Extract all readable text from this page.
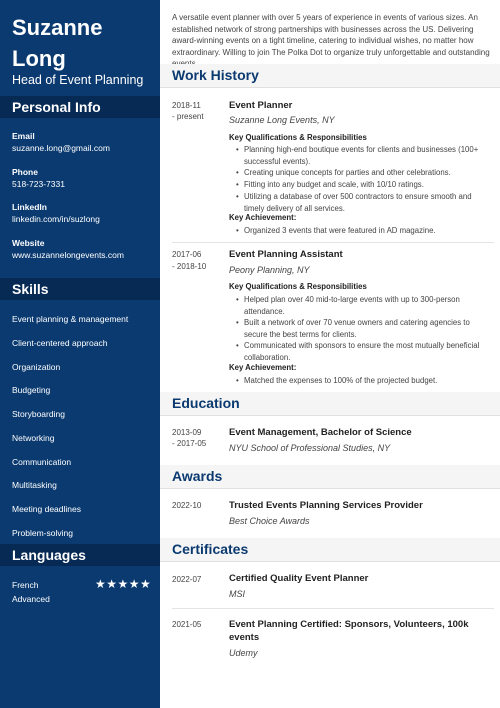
Suzanne
Long
Head of Event Planning
Personal Info
Email
suzanne.long@gmail.com
Phone
518-723-7331
LinkedIn
linkedin.com/in/suzlong
Website
www.suzannelongevents.com
Skills
Event planning & management
Client-centered approach
Organization
Budgeting
Storyboarding
Networking
Communication
Multitasking
Meeting deadlines
Problem-solving
Languages
French	★★★★★
Advanced
A versatile event planner with over 5 years of experience in events of various sizes. An established network of strong partnerships with businesses across the US. Delivering award-winning events on a tight timeline, catering to individual wishes, no matter how extraordinary. Willing to join The Polka Dot to organize truly unforgettable and outstanding
Work History
2018-11
- present
Event Planner
Suzanne Long Events, NY
Key Qualifications & Responsibilities
• Planning high-end boutique events for clients and businesses (100+ successful events).
• Creating unique concepts for parties and other celebrations.
• Fitting into any budget and scale, with 10/10 ratings.
• Utilizing a database of over 500 contractors to ensure smooth and timely delivery of all services.
Key Achievement:
• Organized 3 events that were featured in AD magazine.
2017-06
- 2018-10
Event Planning Assistant
Peony Planning, NY
Key Qualifications & Responsibilities
• Helped plan over 40 mid-to-large events with up to 300-person attendance.
• Built a network of over 70 venue owners and catering agencies to secure the best terms for clients.
• Communicated with sponsors to ensure the most mutually beneficial collaboration.
Key Achievement:
• Matched the expenses to 100% of the projected budget.
Education
2013-09
- 2017-05
Event Management, Bachelor of Science
NYU School of Professional Studies, NY
Awards
2022-10	Trusted Events Planning Services Provider
Best Choice Awards
Certificates
2022-07	Certified Quality Event Planner
MSI
2021-05	Event Planning Certified: Sponsors, Volunteers, 100k events
Udemy
